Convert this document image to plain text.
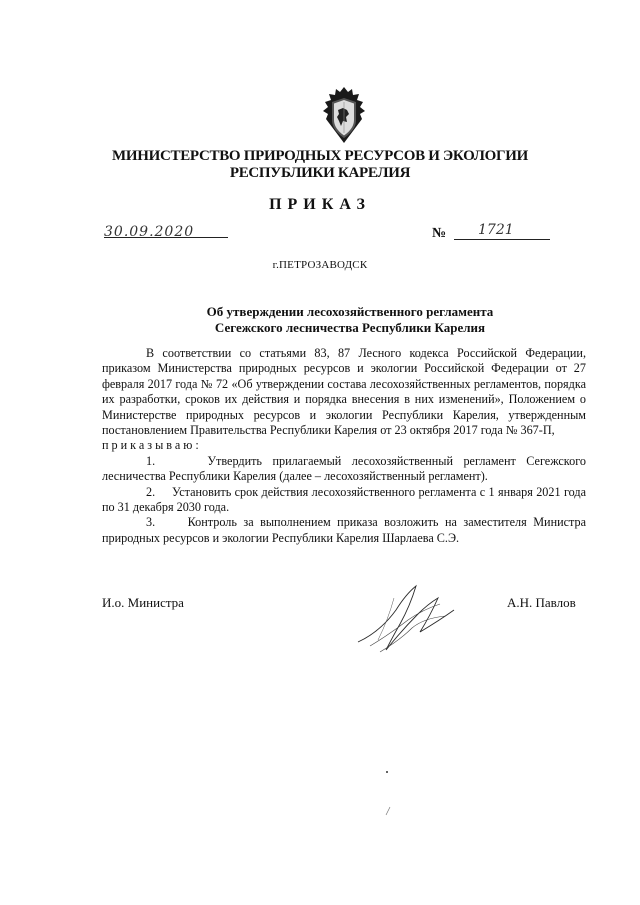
МИНИСТЕРСТВО ПРИРОДНЫХ РЕСУРСОВ И ЭКОЛОГИИ
РЕСПУБЛИКИ КАРЕЛИЯ
ПРИКАЗ
30.09.2020	№ 1721
г.ПЕТРОЗАВОДСК
Об утверждении лесохозяйственного регламента
Сегежского лесничества Республики Карелия

В соответствии со статьями 83, 87 Лесного кодекса Российской Федерации, приказом Министерства природных ресурсов и экологии Российской Федерации от 27 февраля 2017 года № 72 «Об утверждении состава лесохозяйственных регламентов, порядка их разработки, сроков их действия и порядка внесения в них изменений», Положением о Министерстве природных ресурсов и экологии Республики Карелия, утвержденным постановлением Правительства Республики Карелия от 23 октября 2017 года № 367-П,

приказываю:

1.     Утвердить прилагаемый лесохозяйственный регламент Сегежского лесничества Республики Карелия (далее – лесохозяйственный регламент).

2.     Установить срок действия лесохозяйственного регламента с 1 января 2021 года по 31 декабря 2030 года.

3.     Контроль за выполнением приказа возложить на заместителя Министра природных ресурсов и экологии Республики Карелия Шарлаева С.Э.

И.о. Министра	А.Н. Павлов
